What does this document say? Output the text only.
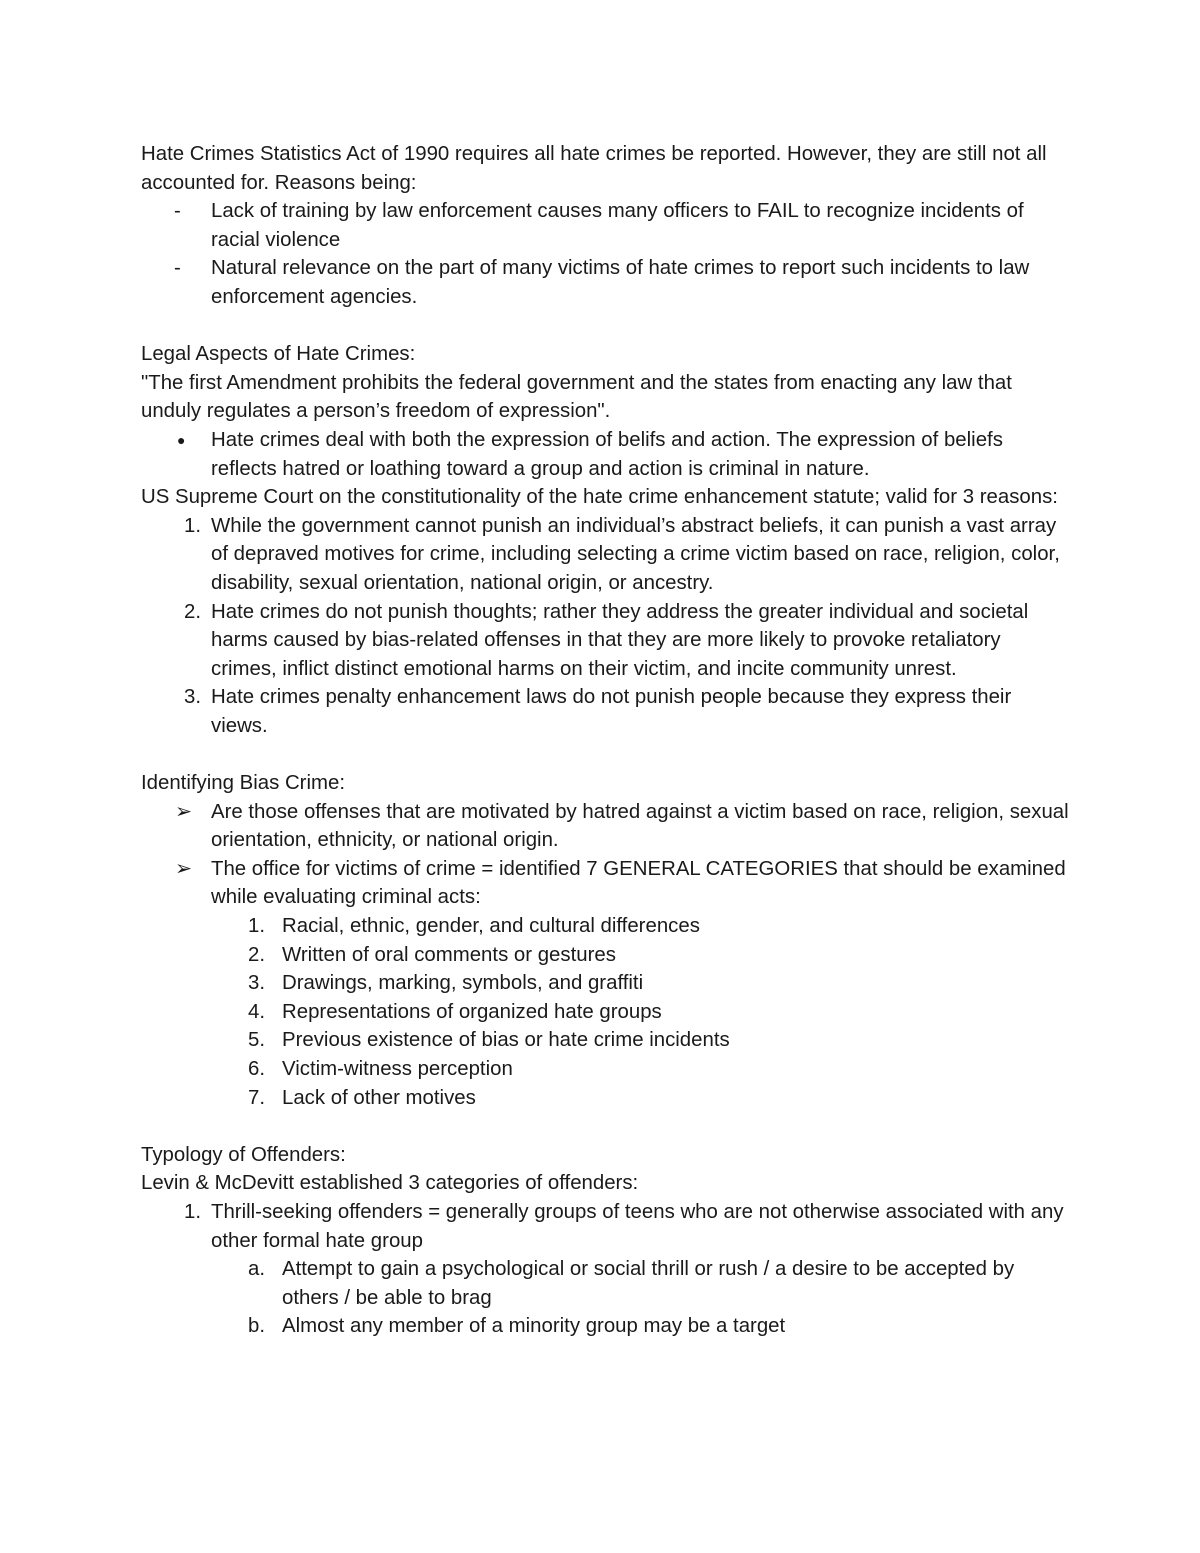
Hate Crimes Statistics Act of 1990 requires all hate crimes be reported. However, they are still not all accounted for. Reasons being:

- Lack of training by law enforcement causes many officers to FAIL to recognize incidents of racial violence
- Natural relevance on the part of many victims of hate crimes to report such incidents to law enforcement agencies.

Legal Aspects of Hate Crimes:

"The first Amendment prohibits the federal government and the states from enacting any law that unduly regulates a person’s freedom of expression".

● Hate crimes deal with both the expression of belifs and action. The expression of beliefs reflects hatred or loathing toward a group and action is criminal in nature.

US Supreme Court on the constitutionality of the hate crime enhancement statute; valid for 3 reasons:

1. While the government cannot punish an individual’s abstract beliefs, it can punish a vast array of depraved motives for crime, including selecting a crime victim based on race, religion, color, disability, sexual orientation, national origin, or ancestry.
2. Hate crimes do not punish thoughts; rather they address the greater individual and societal harms caused by bias-related offenses in that they are more likely to provoke retaliatory crimes, inflict distinct emotional harms on their victim, and incite community unrest.
3. Hate crimes penalty enhancement laws do not punish people because they express their views.

Identifying Bias Crime:

➢ Are those offenses that are motivated by hatred against a victim based on race, religion, sexual orientation, ethnicity, or national origin.
➢ The office for victims of crime = identified 7 GENERAL CATEGORIES that should be examined while evaluating criminal acts:
1. Racial, ethnic, gender, and cultural differences
2. Written of oral comments or gestures
3. Drawings, marking, symbols, and graffiti
4. Representations of organized hate groups
5. Previous existence of bias or hate crime incidents
6. Victim-witness perception
7. Lack of other motives

Typology of Offenders:

Levin & McDevitt established 3 categories of offenders:

1. Thrill-seeking offenders = generally groups of teens who are not otherwise associated with any other formal hate group
a. Attempt to gain a psychological or social thrill or rush / a desire to be accepted by others / be able to brag
b. Almost any member of a minority group may be a target
